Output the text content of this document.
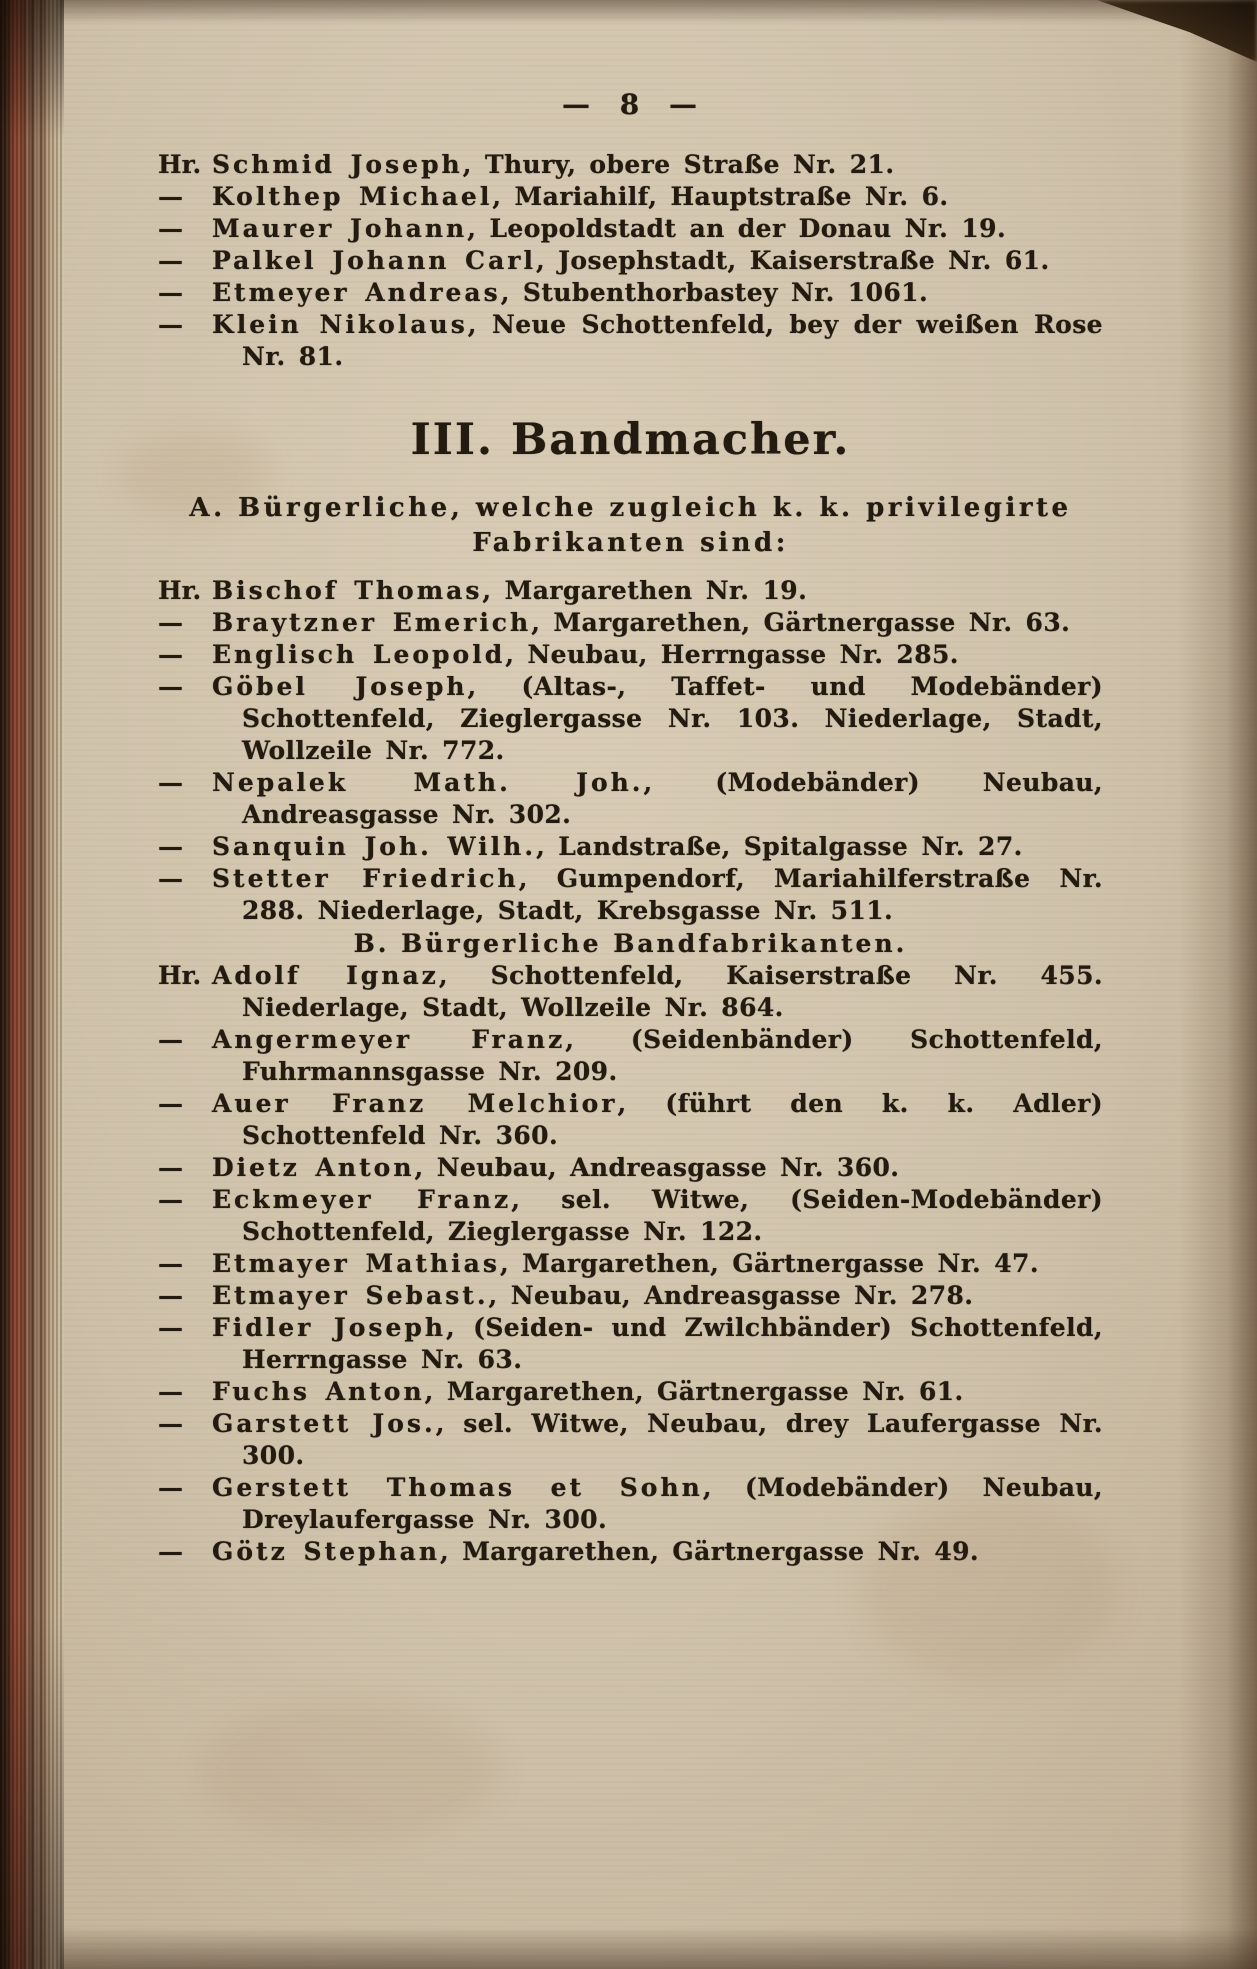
— 8 —
Hr. Schmid Joseph, Thury, obere Straße Nr. 21.
— Kolthep Michael, Mariahilf, Hauptstraße Nr. 6.
— Maurer Johann, Leopoldstadt an der Donau Nr. 19.
— Palkel Johann Carl, Josephstadt, Kaiserstraße Nr. 61.
— Etmeyer Andreas, Stubenthorbastey Nr. 1061.
— Klein Nikolaus, Neue Schottenfeld, bey der weißen Rose Nr. 81.
III. Bandmacher.
A. Bürgerliche, welche zugleich k. k. privilegirte
Fabrikanten sind:
Hr. Bischof Thomas, Margarethen Nr. 19.
— Braytzner Emerich, Margarethen, Gärtnergasse Nr. 63.
— Englisch Leopold, Neubau, Herrngasse Nr. 285.
— Göbel Joseph, (Altas-, Taffet- und Modebänder) Schottenfeld, Zieglergasse Nr. 103. Niederlage, Stadt, Wollzeile Nr. 772.
— Nepalek Math. Joh., (Modebänder) Neubau, Andreasgasse Nr. 302.
— Sanquin Joh. Wilh., Landstraße, Spitalgasse Nr. 27.
— Stetter Friedrich, Gumpendorf, Mariahilferstraße Nr. 288. Niederlage, Stadt, Krebsgasse Nr. 511.
B. Bürgerliche Bandfabrikanten.
Hr. Adolf Ignaz, Schottenfeld, Kaiserstraße Nr. 455. Niederlage, Stadt, Wollzeile Nr. 864.
— Angermeyer Franz, (Seidenbänder) Schottenfeld, Fuhrmannsgasse Nr. 209.
— Auer Franz Melchior, (führt den k. k. Adler) Schottenfeld Nr. 360.
— Dietz Anton, Neubau, Andreasgasse Nr. 360.
— Eckmeyer Franz, sel. Witwe, (Seiden-Modebänder) Schottenfeld, Zieglergasse Nr. 122.
— Etmayer Mathias, Margarethen, Gärtnergasse Nr. 47.
— Etmayer Sebast., Neubau, Andreasgasse Nr. 278.
— Fidler Joseph, (Seiden- und Zwilchbänder) Schottenfeld, Herrngasse Nr. 63.
— Fuchs Anton, Margarethen, Gärtnergasse Nr. 61.
— Garstett Jos., sel. Witwe, Neubau, drey Laufergasse Nr. 300.
— Gerstett Thomas et Sohn, (Modebänder) Neubau, Dreylaufergasse Nr. 300.
— Götz Stephan, Margarethen, Gärtnergasse Nr. 49.
